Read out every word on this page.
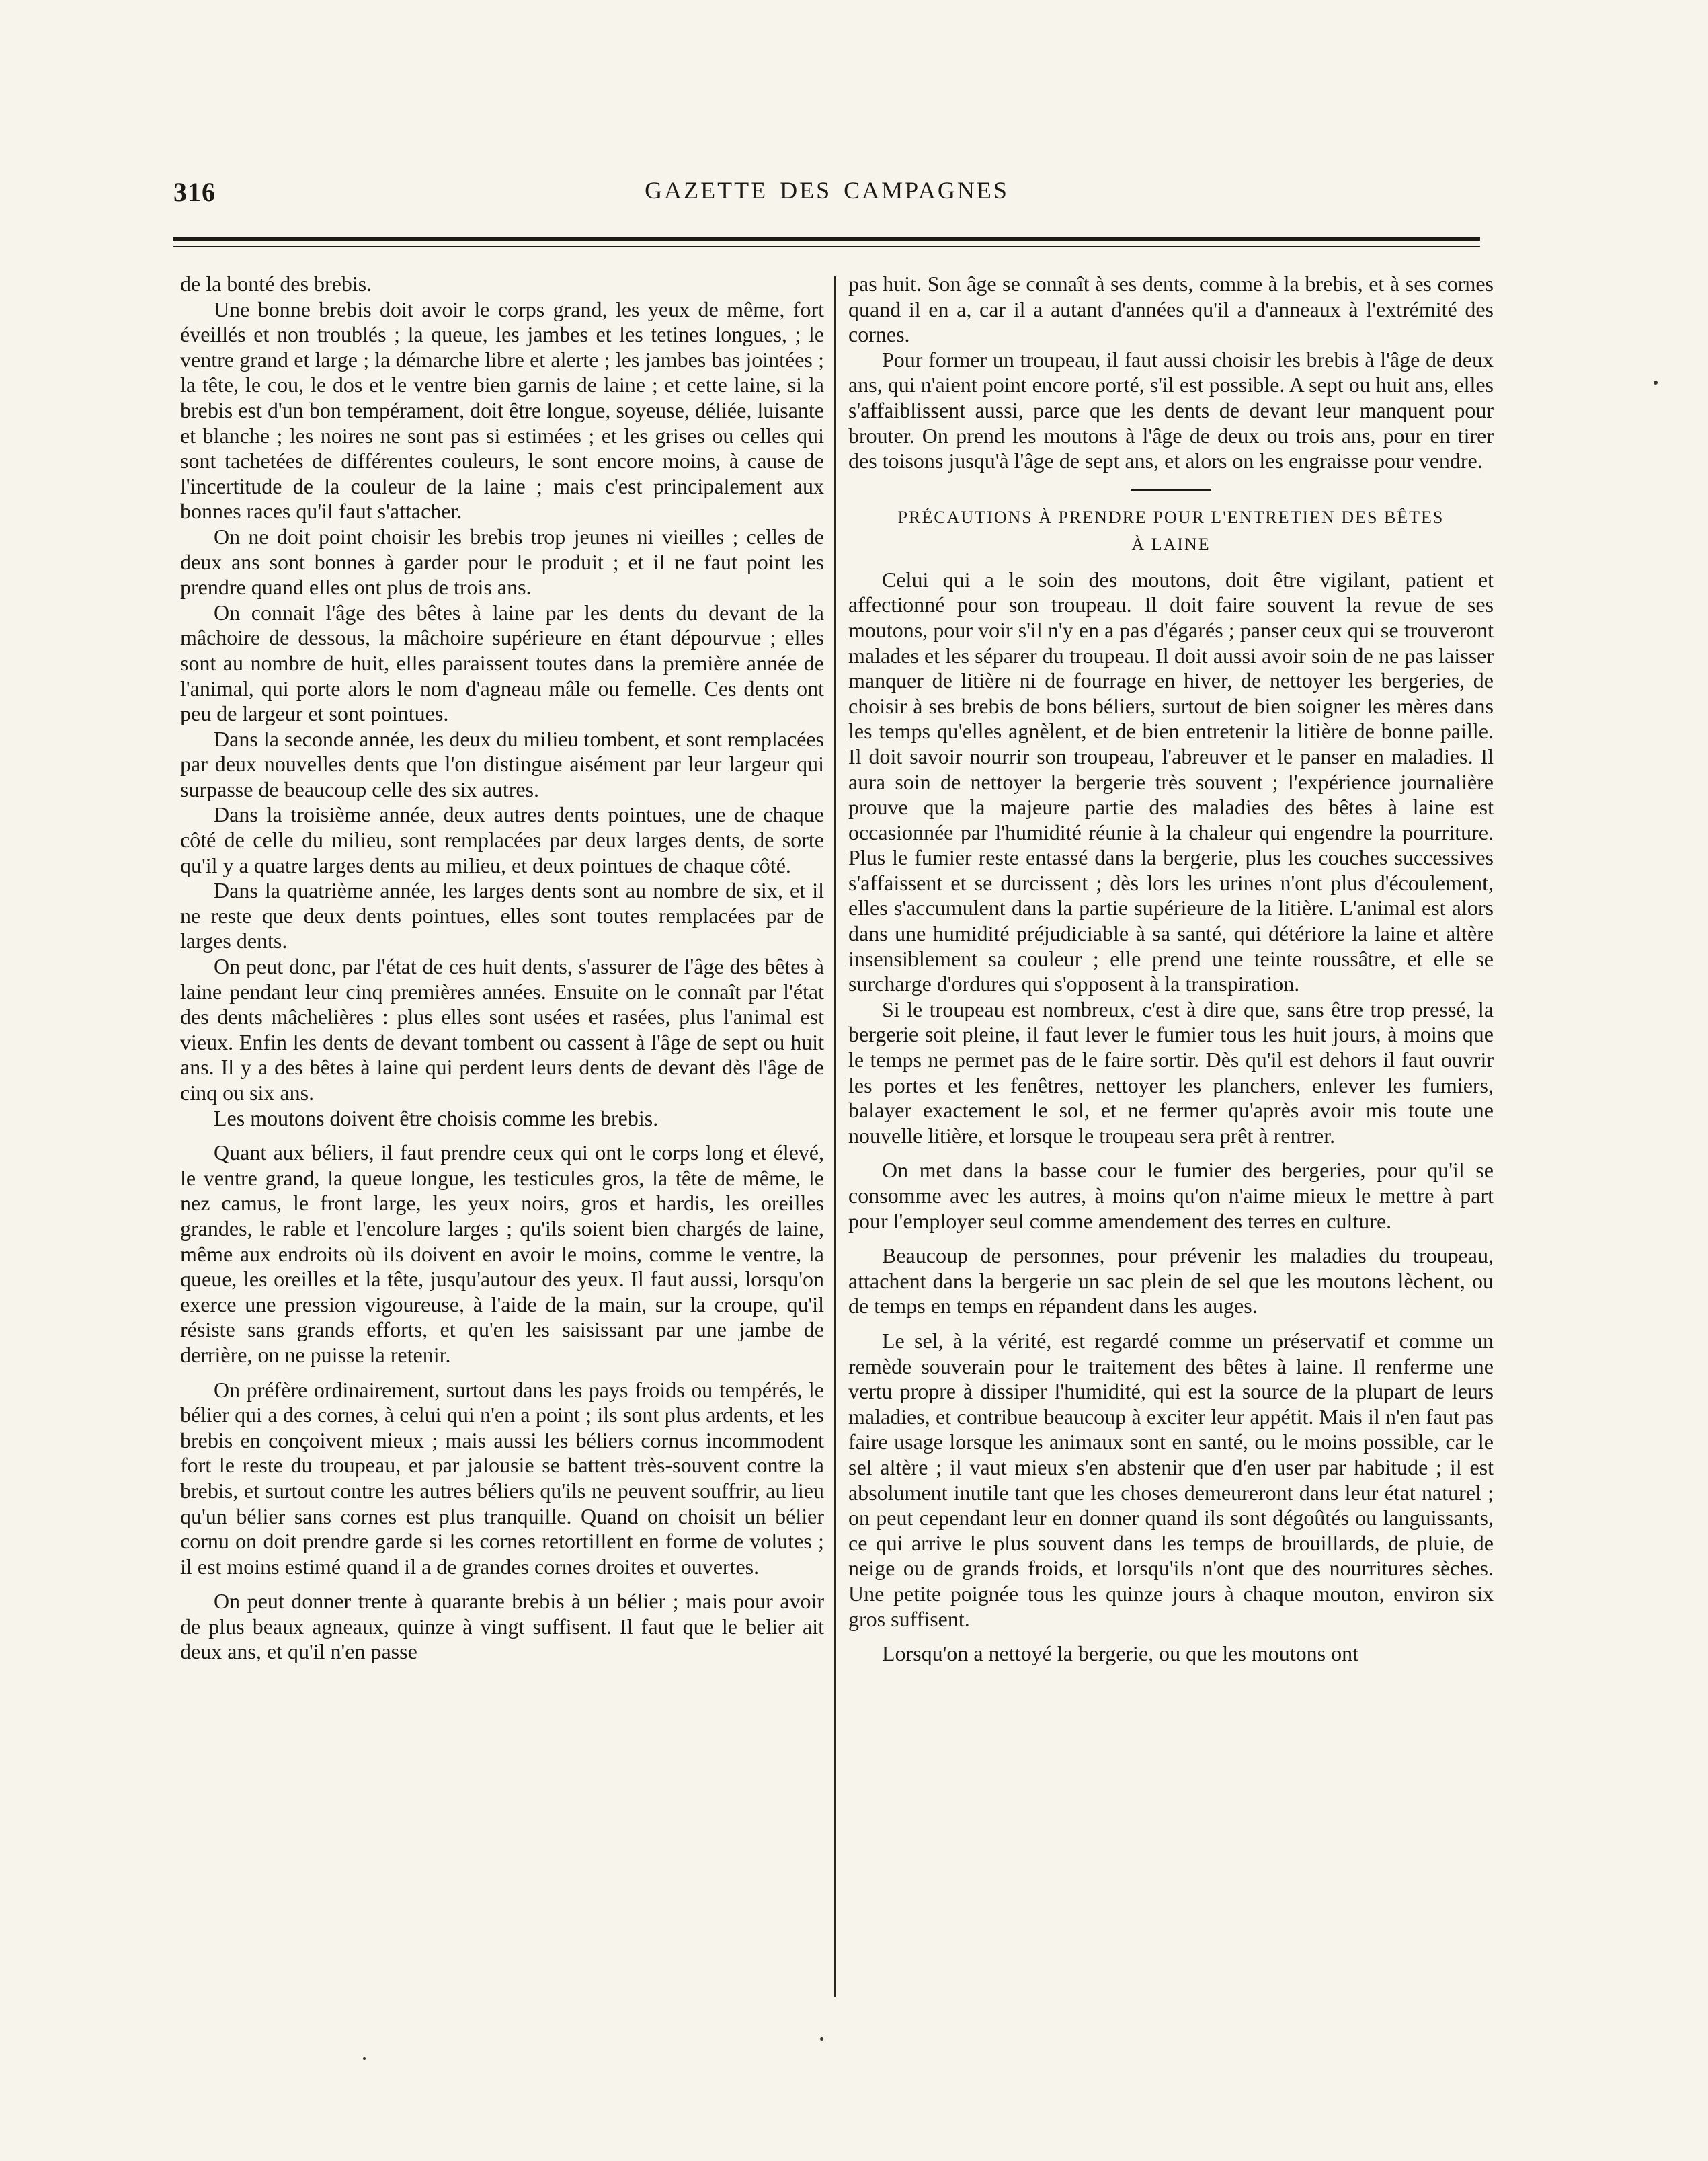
316	GAZETTE DES CAMPAGNES

de la bonté des brebis.

Une bonne brebis doit avoir le corps grand, les yeux de même, fort éveillés et non troublés ; la queue, les jambes et les tetines longues, ; le ventre grand et large ; la démarche libre et alerte ; les jambes bas jointées ; la tête, le cou, le dos et le ventre bien garnis de laine ; et cette laine, si la brebis est d'un bon tempérament, doit être longue, soyeuse, déliée, luisante et blanche ; les noires ne sont pas si estimées ; et les grises ou celles qui sont tachetées de différentes couleurs, le sont encore moins, à cause de l'incertitude de la couleur de la laine ; mais c'est principalement aux bonnes races qu'il faut s'attacher.

On ne doit point choisir les brebis trop jeunes ni vieilles ; celles de deux ans sont bonnes à garder pour le produit ; et il ne faut point les prendre quand elles ont plus de trois ans.

On connait l'âge des bêtes à laine par les dents du devant de la mâchoire de dessous, la mâchoire supérieure en étant dépourvue ; elles sont au nombre de huit, elles paraissent toutes dans la première année de l'animal, qui porte alors le nom d'agneau mâle ou femelle. Ces dents ont peu de largeur et sont pointues.

Dans la seconde année, les deux du milieu tombent, et sont remplacées par deux nouvelles dents que l'on distingue aisément par leur largeur qui surpasse de beaucoup celle des six autres.

Dans la troisième année, deux autres dents pointues, une de chaque côté de celle du milieu, sont remplacées par deux larges dents, de sorte qu'il y a quatre larges dents au milieu, et deux pointues de chaque côté.

Dans la quatrième année, les larges dents sont au nombre de six, et il ne reste que deux dents pointues, elles sont toutes remplacées par de larges dents.

On peut donc, par l'état de ces huit dents, s'assurer de l'âge des bêtes à laine pendant leur cinq premières années. Ensuite on le connaît par l'état des dents mâchelières : plus elles sont usées et rasées, plus l'animal est vieux. Enfin les dents de devant tombent ou cassent à l'âge de sept ou huit ans. Il y a des bêtes à laine qui perdent leurs dents de devant dès l'âge de cinq ou six ans.

Les moutons doivent être choisis comme les brebis.

Quant aux béliers, il faut prendre ceux qui ont le corps long et élevé, le ventre grand, la queue longue, les testicules gros, la tête de même, le nez camus, le front large, les yeux noirs, gros et hardis, les oreilles grandes, le rable et l'encolure larges ; qu'ils soient bien chargés de laine, même aux endroits où ils doivent en avoir le moins, comme le ventre, la queue, les oreilles et la tête, jusqu'autour des yeux. Il faut aussi, lorsqu'on exerce une pression vigoureuse, à l'aide de la main, sur la croupe, qu'il résiste sans grands efforts, et qu'en les saisissant par une jambe de derrière, on ne puisse la retenir.

On préfère ordinairement, surtout dans les pays froids ou tempérés, le bélier qui a des cornes, à celui qui n'en a point ; ils sont plus ardents, et les brebis en conçoivent mieux ; mais aussi les béliers cornus incommodent fort le reste du troupeau, et par jalousie se battent très-souvent contre la brebis, et surtout contre les autres béliers qu'ils ne peuvent souffrir, au lieu qu'un bélier sans cornes est plus tranquille. Quand on choisit un bélier cornu on doit prendre garde si les cornes retortillent en forme de volutes ; il est moins estimé quand il a de grandes cornes droites et ouvertes.

On peut donner trente à quarante brebis à un bélier ; mais pour avoir de plus beaux agneaux, quinze à vingt suffisent. Il faut que le belier ait deux ans, et qu'il n'en passe

pas huit. Son âge se connaît à ses dents, comme à la brebis, et à ses cornes quand il en a, car il a autant d'années qu'il a d'anneaux à l'extrémité des cornes.

Pour former un troupeau, il faut aussi choisir les brebis à l'âge de deux ans, qui n'aient point encore porté, s'il est possible. A sept ou huit ans, elles s'affaiblissent aussi, parce que les dents de devant leur manquent pour brouter. On prend les moutons à l'âge de deux ou trois ans, pour en tirer des toisons jusqu'à l'âge de sept ans, et alors on les engraisse pour vendre.

PRÉCAUTIONS À PRENDRE POUR L'ENTRETIEN DES BÊTES
À LAINE

Celui qui a le soin des moutons, doit être vigilant, patient et affectionné pour son troupeau. Il doit faire souvent la revue de ses moutons, pour voir s'il n'y en a pas d'égarés ; panser ceux qui se trouveront malades et les séparer du troupeau. Il doit aussi avoir soin de ne pas laisser manquer de litière ni de fourrage en hiver, de nettoyer les bergeries, de choisir à ses brebis de bons béliers, surtout de bien soigner les mères dans les temps qu'elles agnèlent, et de bien entretenir la litière de bonne paille. Il doit savoir nourrir son troupeau, l'abreuver et le panser en maladies. Il aura soin de nettoyer la bergerie très souvent ; l'expérience journalière prouve que la majeure partie des maladies des bêtes à laine est occasionnée par l'humidité réunie à la chaleur qui engendre la pourriture. Plus le fumier reste entassé dans la bergerie, plus les couches successives s'affaissent et se durcissent ; dès lors les urines n'ont plus d'écoulement, elles s'accumulent dans la partie supérieure de la litière. L'animal est alors dans une humidité préjudiciable à sa santé, qui détériore la laine et altère insensiblement sa couleur ; elle prend une teinte roussâtre, et elle se surcharge d'ordures qui s'opposent à la transpiration.

Si le troupeau est nombreux, c'est à dire que, sans être trop pressé, la bergerie soit pleine, il faut lever le fumier tous les huit jours, à moins que le temps ne permet pas de le faire sortir. Dès qu'il est dehors il faut ouvrir les portes et les fenêtres, nettoyer les planchers, enlever les fumiers, balayer exactement le sol, et ne fermer qu'après avoir mis toute une nouvelle litière, et lorsque le troupeau sera prêt à rentrer.

On met dans la basse cour le fumier des bergeries, pour qu'il se consomme avec les autres, à moins qu'on n'aime mieux le mettre à part pour l'employer seul comme amendement des terres en culture.

Beaucoup de personnes, pour prévenir les maladies du troupeau, attachent dans la bergerie un sac plein de sel que les moutons lèchent, ou de temps en temps en répandent dans les auges.

Le sel, à la vérité, est regardé comme un préservatif et comme un remède souverain pour le traitement des bêtes à laine. Il renferme une vertu propre à dissiper l'humidité, qui est la source de la plupart de leurs maladies, et contribue beaucoup à exciter leur appétit. Mais il n'en faut pas faire usage lorsque les animaux sont en santé, ou le moins possible, car le sel altère ; il vaut mieux s'en abstenir que d'en user par habitude ; il est absolument inutile tant que les choses demeureront dans leur état naturel ; on peut cependant leur en donner quand ils sont dégoûtés ou languissants, ce qui arrive le plus souvent dans les temps de brouillards, de pluie, de neige ou de grands froids, et lorsqu'ils n'ont que des nourritures sèches. Une petite poignée tous les quinze jours à chaque mouton, environ six gros suffisent.

Lorsqu'on a nettoyé la bergerie, ou que les moutons ont
